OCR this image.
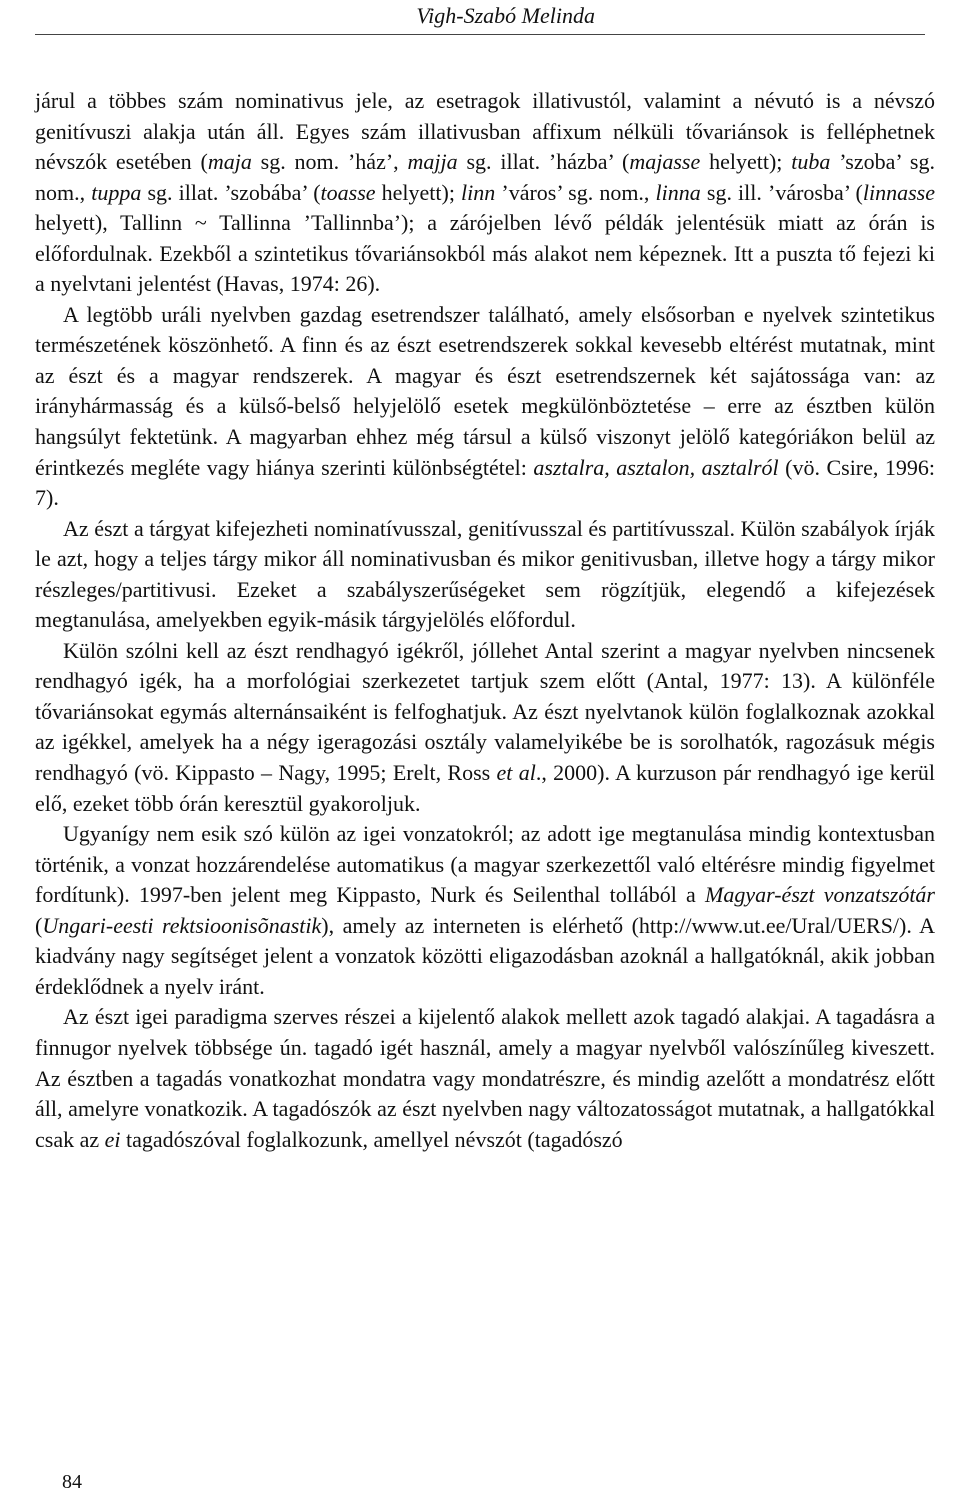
Vigh-Szabó Melinda

járul a többes szám nominativus jele, az esetragok illativustól, valamint a névutó is a névszó genitívuszi alakja után áll. Egyes szám illativusban affixum nélküli tővariánsok is felléphetnek névszók esetében (maja sg. nom. ’ház’, majja sg. illat. ’házba’ (majasse helyett); tuba ’szoba’ sg. nom., tuppa sg. illat. ’szobába’ (toasse helyett); linn ’város’ sg. nom., linna sg. ill. ’városba’ (linnasse helyett), Tallinn ~ Tallinna ’Tallinnba’); a zárójelben lévő példák jelentésük miatt az órán is előfordulnak. Ezekből a szintetikus tővariánsokból más alakot nem képeznek. Itt a puszta tő fejezi ki a nyelvtani jelentést (Havas, 1974: 26).

A legtöbb uráli nyelvben gazdag esetrendszer található, amely elsősorban e nyelvek szintetikus természetének köszönhető. A finn és az észt esetrendszerek sokkal kevesebb eltérést mutatnak, mint az észt és a magyar rendszerek. A magyar és észt esetrendszernek két sajátossága van: az irányhármasság és a külső-belső helyjelölő esetek megkülönböztetése – erre az észtben külön hangsúlyt fektetünk. A magyarban ehhez még társul a külső viszonyt jelölő kategóriákon belül az érintkezés megléte vagy hiánya szerinti különbségtétel: asztalra, asztalon, asztalról (vö. Csire, 1996: 7).

Az észt a tárgyat kifejezheti nominatívusszal, genitívusszal és partitívusszal. Külön szabályok írják le azt, hogy a teljes tárgy mikor áll nominativusban és mikor genitivusban, illetve hogy a tárgy mikor részleges/partitivusi. Ezeket a szabályszerűségeket sem rögzítjük, elegendő a kifejezések megtanulása, amelyekben egyik-másik tárgyjelölés előfordul.

Külön szólni kell az észt rendhagyó igékről, jóllehet Antal szerint a magyar nyelvben nincsenek rendhagyó igék, ha a morfológiai szerkezetet tartjuk szem előtt (Antal, 1977: 13). A különféle tővariánsokat egymás alternánsaiként is felfoghatjuk. Az észt nyelvtanok külön foglalkoznak azokkal az igékkel, amelyek ha a négy igeragozási osztály valamelyikébe be is sorolhatók, ragozásuk mégis rendhagyó (vö. Kippasto – Nagy, 1995; Erelt, Ross et al., 2000). A kurzuson pár rendhagyó ige kerül elő, ezeket több órán keresztül gyakoroljuk.

Ugyanígy nem esik szó külön az igei vonzatokról; az adott ige megtanulása mindig kontextusban történik, a vonzat hozzárendelése automatikus (a magyar szerkezettől való eltérésre mindig figyelmet fordítunk). 1997-ben jelent meg Kippasto, Nurk és Seilenthal tollából a Magyar-észt vonzatszótár (Ungari-eesti rektsioonisõnastik), amely az interneten is elérhető (http://www.ut.ee/Ural/UERS/). A kiadvány nagy segítséget jelent a vonzatok közötti eligazodásban azoknál a hallgatóknál, akik jobban érdeklődnek a nyelv iránt.

Az észt igei paradigma szerves részei a kijelentő alakok mellett azok tagadó alakjai. A tagadásra a finnugor nyelvek többsége ún. tagadó igét használ, amely a magyar nyelvből valószínűleg kiveszett. Az észtben a tagadás vonatkozhat mondatra vagy mondatrészre, és mindig azelőtt a mondatrész előtt áll, amelyre vonatkozik. A tagadószók az észt nyelvben nagy változatosságot mutatnak, a hallgatókkal csak az ei tagadószóval foglalkozunk, amellyel névszót (tagadószó

84
